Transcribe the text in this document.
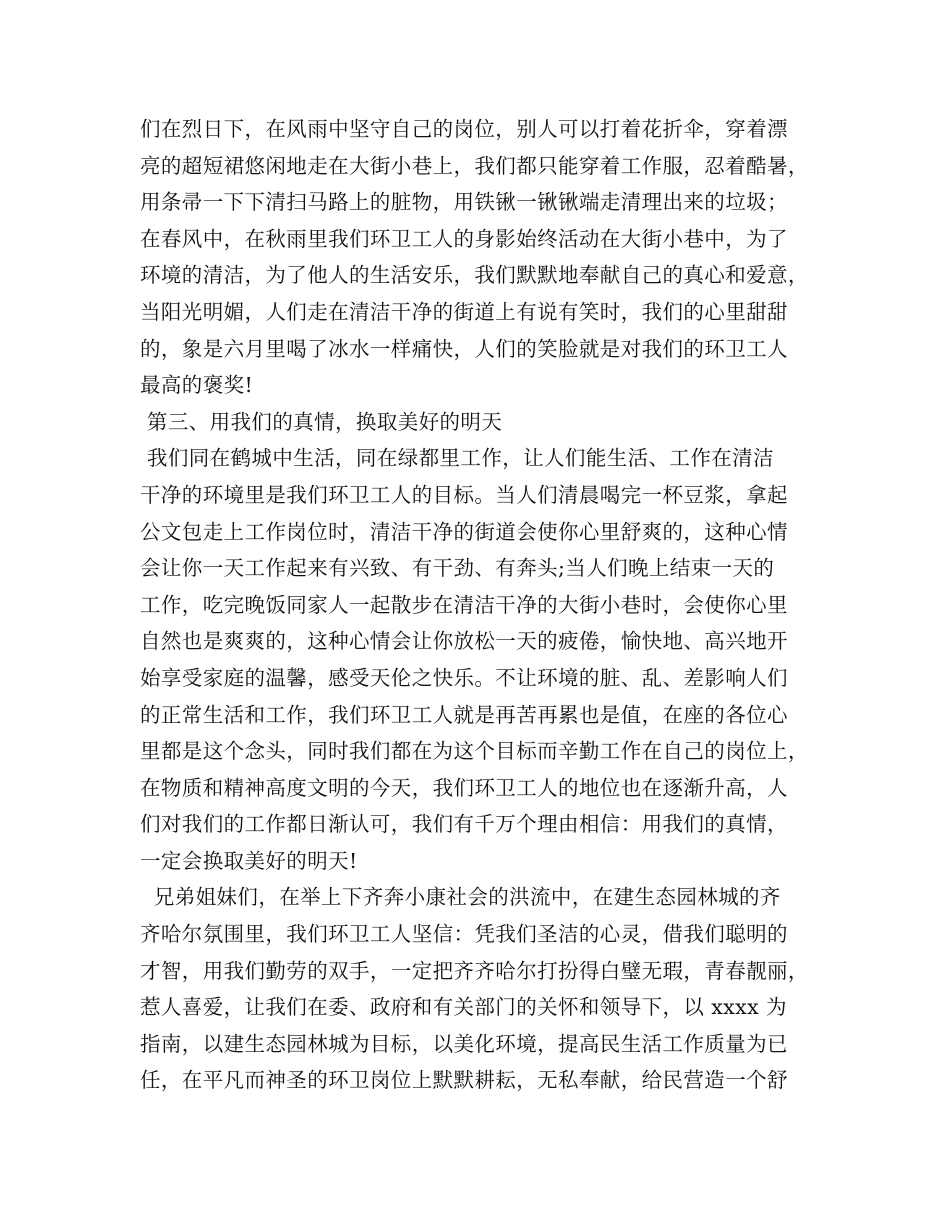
们在烈日下，在风雨中坚守自己的岗位，别人可以打着花折伞，穿着漂
亮的超短裙悠闲地走在大街小巷上，我们都只能穿着工作服，忍着酷暑，
用条帚一下下清扫马路上的脏物，用铁锹一锹锹端走清理出来的垃圾；
在春风中，在秋雨里我们环卫工人的身影始终活动在大街小巷中，为了
环境的清洁，为了他人的生活安乐，我们默默地奉献自己的真心和爱意，
当阳光明媚，人们走在清洁干净的街道上有说有笑时，我们的心里甜甜
的，象是六月里喝了冰水一样痛快，人们的笑脸就是对我们的环卫工人
最高的褒奖!
第三、用我们的真情，换取美好的明天
我们同在鹤城中生活，同在绿都里工作，让人们能生活、工作在清洁
干净的环境里是我们环卫工人的目标。当人们清晨喝完一杯豆浆，拿起
公文包走上工作岗位时，清洁干净的街道会使你心里舒爽的，这种心情
会让你一天工作起来有兴致、有干劲、有奔头;当人们晚上结束一天的
工作，吃完晚饭同家人一起散步在清洁干净的大街小巷时，会使你心里
自然也是爽爽的，这种心情会让你放松一天的疲倦，愉快地、高兴地开
始享受家庭的温馨，感受天伦之快乐。不让环境的脏、乱、差影响人们
的正常生活和工作，我们环卫工人就是再苦再累也是值，在座的各位心
里都是这个念头，同时我们都在为这个目标而辛勤工作在自己的岗位上，
在物质和精神高度文明的今天，我们环卫工人的地位也在逐渐升高，人
们对我们的工作都日渐认可，我们有千万个理由相信：用我们的真情，
一定会换取美好的明天!
兄弟姐妹们，在举上下齐奔小康社会的洪流中，在建生态园林城的齐
齐哈尔氛围里，我们环卫工人坚信：凭我们圣洁的心灵，借我们聪明的
才智，用我们勤劳的双手，一定把齐齐哈尔打扮得白璧无瑕，青春靓丽，
惹人喜爱，让我们在委、政府和有关部门的关怀和领导下，以 xxxx 为
指南，以建生态园林城为目标，以美化环境，提高民生活工作质量为已
任，在平凡而神圣的环卫岗位上默默耕耘，无私奉献，给民营造一个舒
